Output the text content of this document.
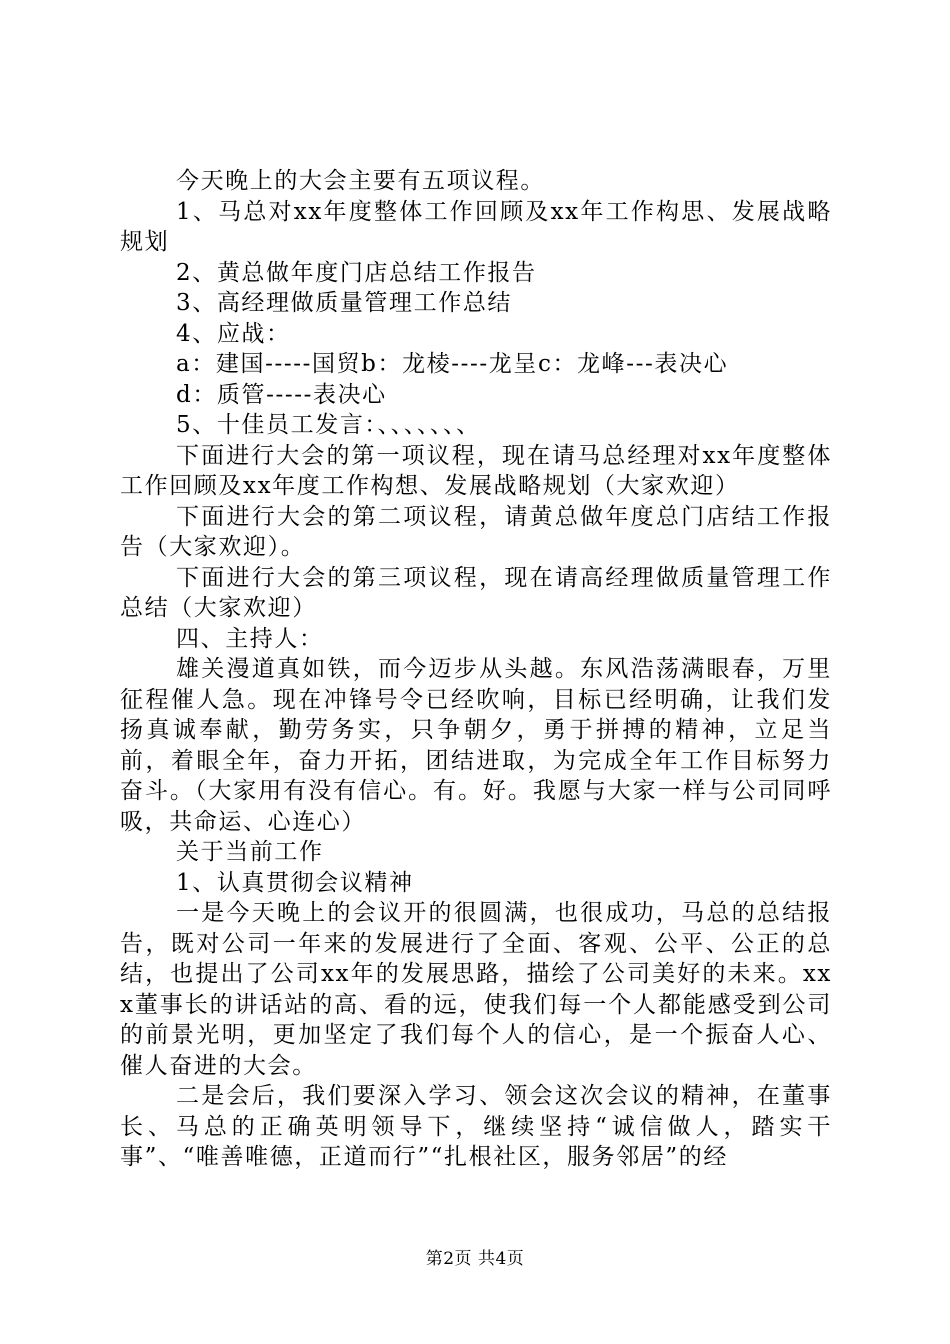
今天晚上的大会主要有五项议程。

1、马总对xx年度整体工作回顾及xx年工作构思、发展战略规划

2、黄总做年度门店总结工作报告

3、高经理做质量管理工作总结

4、应战：

a：建国-----国贸b：龙棱----龙呈c：龙峰---表决心

d：质管-----表决心

5、十佳员工发言：、、、、、、、

下面进行大会的第一项议程，现在请马总经理对xx年度整体工作回顾及xx年度工作构想、发展战略规划（大家欢迎）

下面进行大会的第二项议程，请黄总做年度总门店结工作报告（大家欢迎）。

下面进行大会的第三项议程，现在请高经理做质量管理工作总结（大家欢迎）

四、主持人：

雄关漫道真如铁，而今迈步从头越。东风浩荡满眼春，万里征程催人急。现在冲锋号令已经吹响，目标已经明确，让我们发扬真诚奉献，勤劳务实，只争朝夕，勇于拼搏的精神，立足当前，着眼全年，奋力开拓，团结进取，为完成全年工作目标努力奋斗。（大家用有没有信心。有。好。我愿与大家一样与公司同呼吸，共命运、心连心）

关于当前工作

1、认真贯彻会议精神

一是今天晚上的会议开的很圆满，也很成功，马总的总结报告，既对公司一年来的发展进行了全面、客观、公平、公正的总结，也提出了公司xx年的发展思路，描绘了公司美好的未来。xxx董事长的讲话站的高、看的远，使我们每一个人都能感受到公司的前景光明，更加坚定了我们每个人的信心，是一个振奋人心、催人奋进的大会。

二是会后，我们要深入学习、领会这次会议的精神，在董事长、马总的正确英明领导下，继续坚持“诚信做人，踏实干事”、“唯善唯德，正道而行”“扎根社区，服务邻居”的经

第2页 共4页
